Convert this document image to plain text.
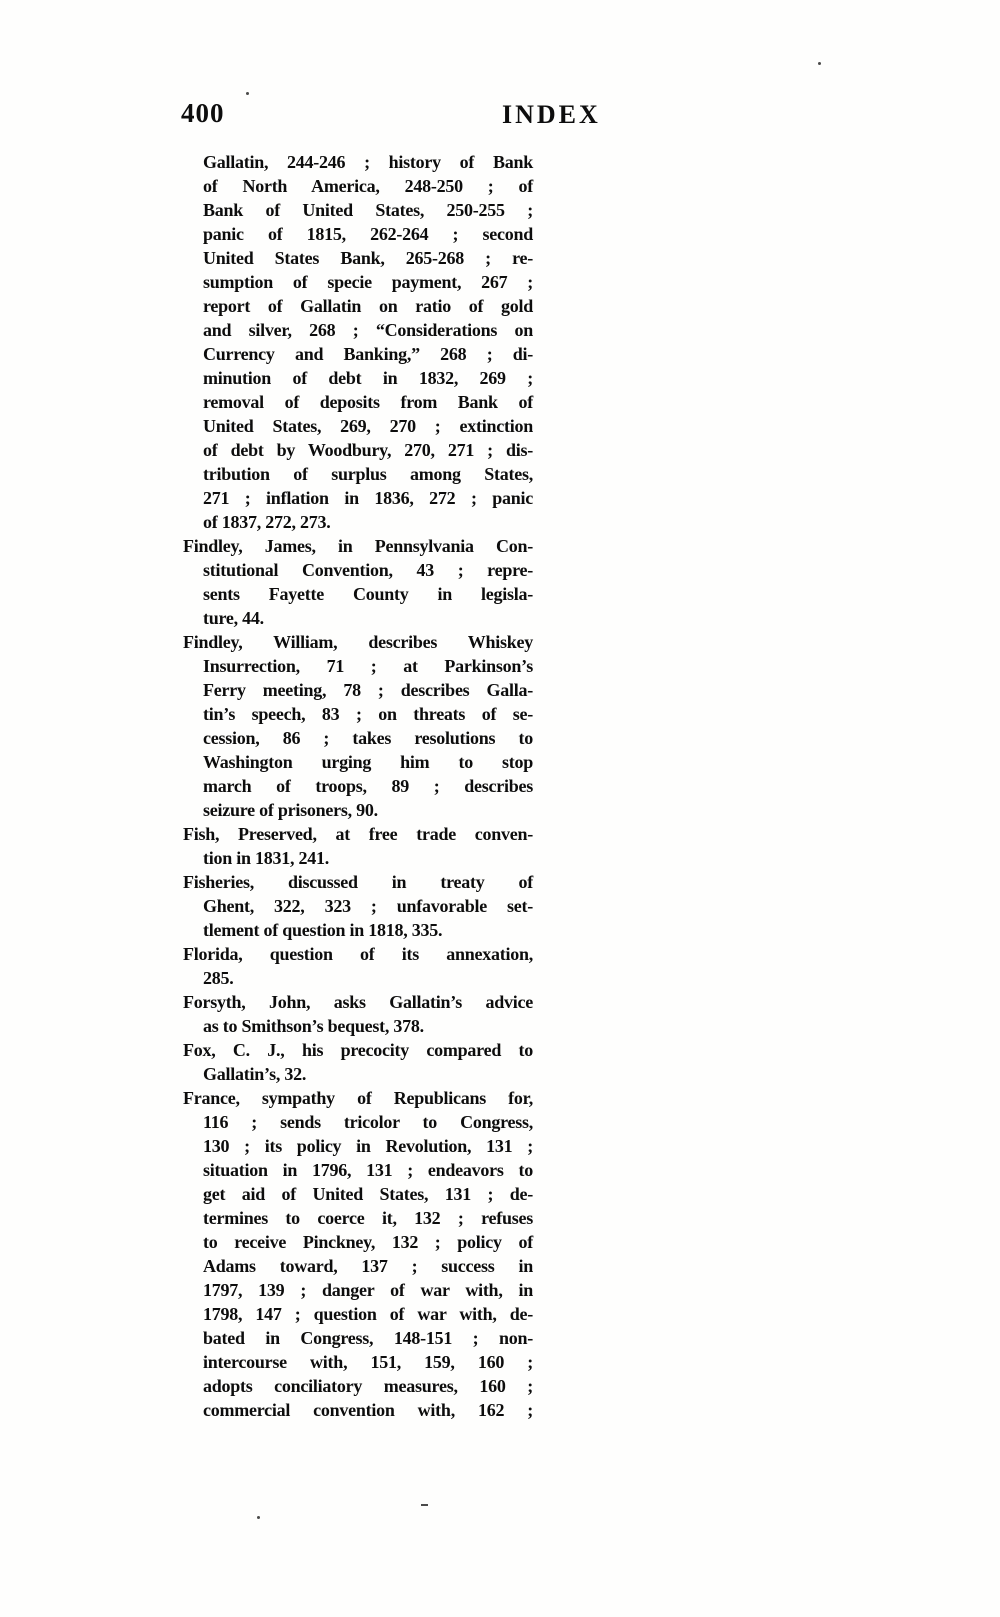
400	INDEX
Gallatin, 244-246 ; history of Bank
of North America, 248-250 ; of
Bank of United States, 250-255 ;
panic of 1815, 262-264 ; second
United States Bank, 265-268 ; re-
sumption of specie payment, 267 ;
report of Gallatin on ratio of gold
and silver, 268 ; “Considerations on
Currency and Banking,” 268 ; di-
minution of debt in 1832, 269 ;
removal of deposits from Bank of
United States, 269, 270 ; extinction
of debt by Woodbury, 270, 271 ; dis-
tribution of surplus among States,
271 ; inflation in 1836, 272 ; panic
of 1837, 272, 273.
Findley, James, in Pennsylvania Con-
stitutional Convention, 43 ; repre-
sents Fayette County in legisla-
ture, 44.
Findley, William, describes Whiskey
Insurrection, 71 ; at Parkinson’s
Ferry meeting, 78 ; describes Galla-
tin’s speech, 83 ; on threats of se-
cession, 86 ; takes resolutions to
Washington urging him to stop
march of troops, 89 ; describes
seizure of prisoners, 90.
Fish, Preserved, at free trade conven-
tion in 1831, 241.
Fisheries, discussed in treaty of
Ghent, 322, 323 ; unfavorable set-
tlement of question in 1818, 335.
Florida, question of its annexation,
285.
Forsyth, John, asks Gallatin’s advice
as to Smithson’s bequest, 378.
Fox, C. J., his precocity compared to
Gallatin’s, 32.
France, sympathy of Republicans for,
116 ; sends tricolor to Congress,
130 ; its policy in Revolution, 131 ;
situation in 1796, 131 ; endeavors to
get aid of United States, 131 ; de-
termines to coerce it, 132 ; refuses
to receive Pinckney, 132 ; policy of
Adams toward, 137 ; success in
1797, 139 ; danger of war with, in
1798, 147 ; question of war with, de-
bated in Congress, 148-151 ; non-
intercourse with, 151, 159, 160 ;
adopts conciliatory measures, 160 ;
commercial convention with, 162 ;
